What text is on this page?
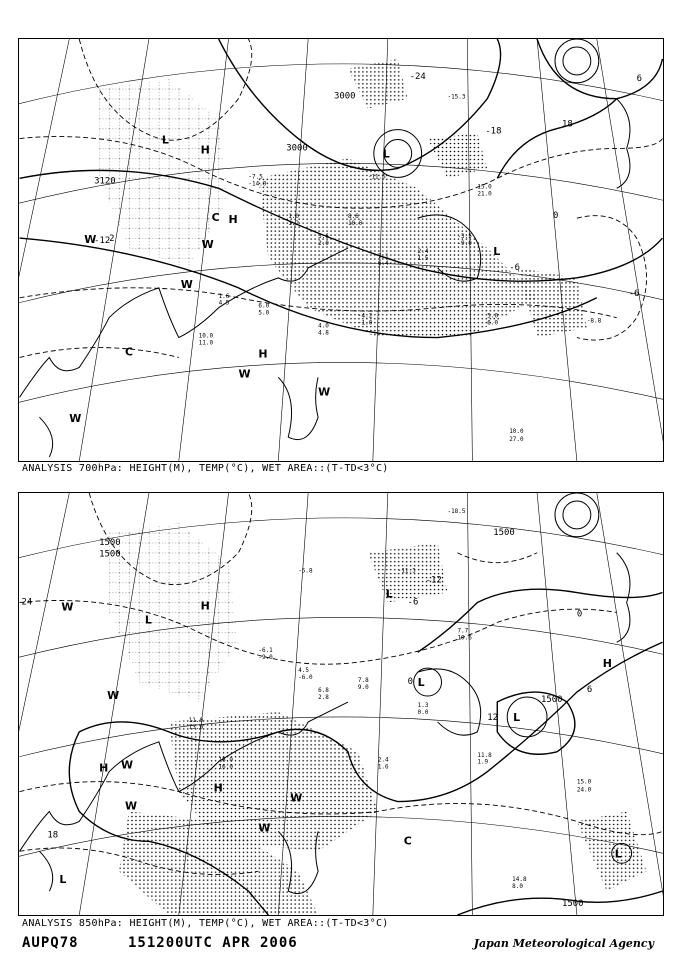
-7.5
-14.0
1.0
1.2
3.6
2.0
8.6
10.0
7.1
6.4
2.4
1.5
-3.5
-9.0
15.0
21.0
1.6
4.5	6.0
5.0	-4.2
-1.0
5.0
6.0	-8.8
10.0
11.0
-15.3
-11.5
4.0
4.8
3120
3000
3000
2
-12
-6
-6
0
6
18
-24
-18
L
H	L
L
H
C
W
W
C
W
H
W
W
W
10.0
27.0
ANALYSIS 700hPa: HEIGHT(M), TEMP(°C), WET AREA::(T-TD<3°C)
-6.1
-9.0
4.5
-6.0
6.8
2.8
7.8
9.0
1.3
0.0
7.7
10.6
11.8
1.9
18.0
16.0
11.0
13.0
2.4
1.6
14.8
8.0
-18.5
-11.3
-5.8
1500
1500
1500
1500
1500
24
18
-12
-6
0
0
6
12
W
L
H
L
W
L
H
W
H
H
W
W
C
L
L
W
L
15.0
24.0
ANALYSIS 850hPa: HEIGHT(M), TEMP(°C), WET AREA::(T-TD<3°C)
AUPQ78	151200UTC APR 2006	Japan Meteorological Agency
